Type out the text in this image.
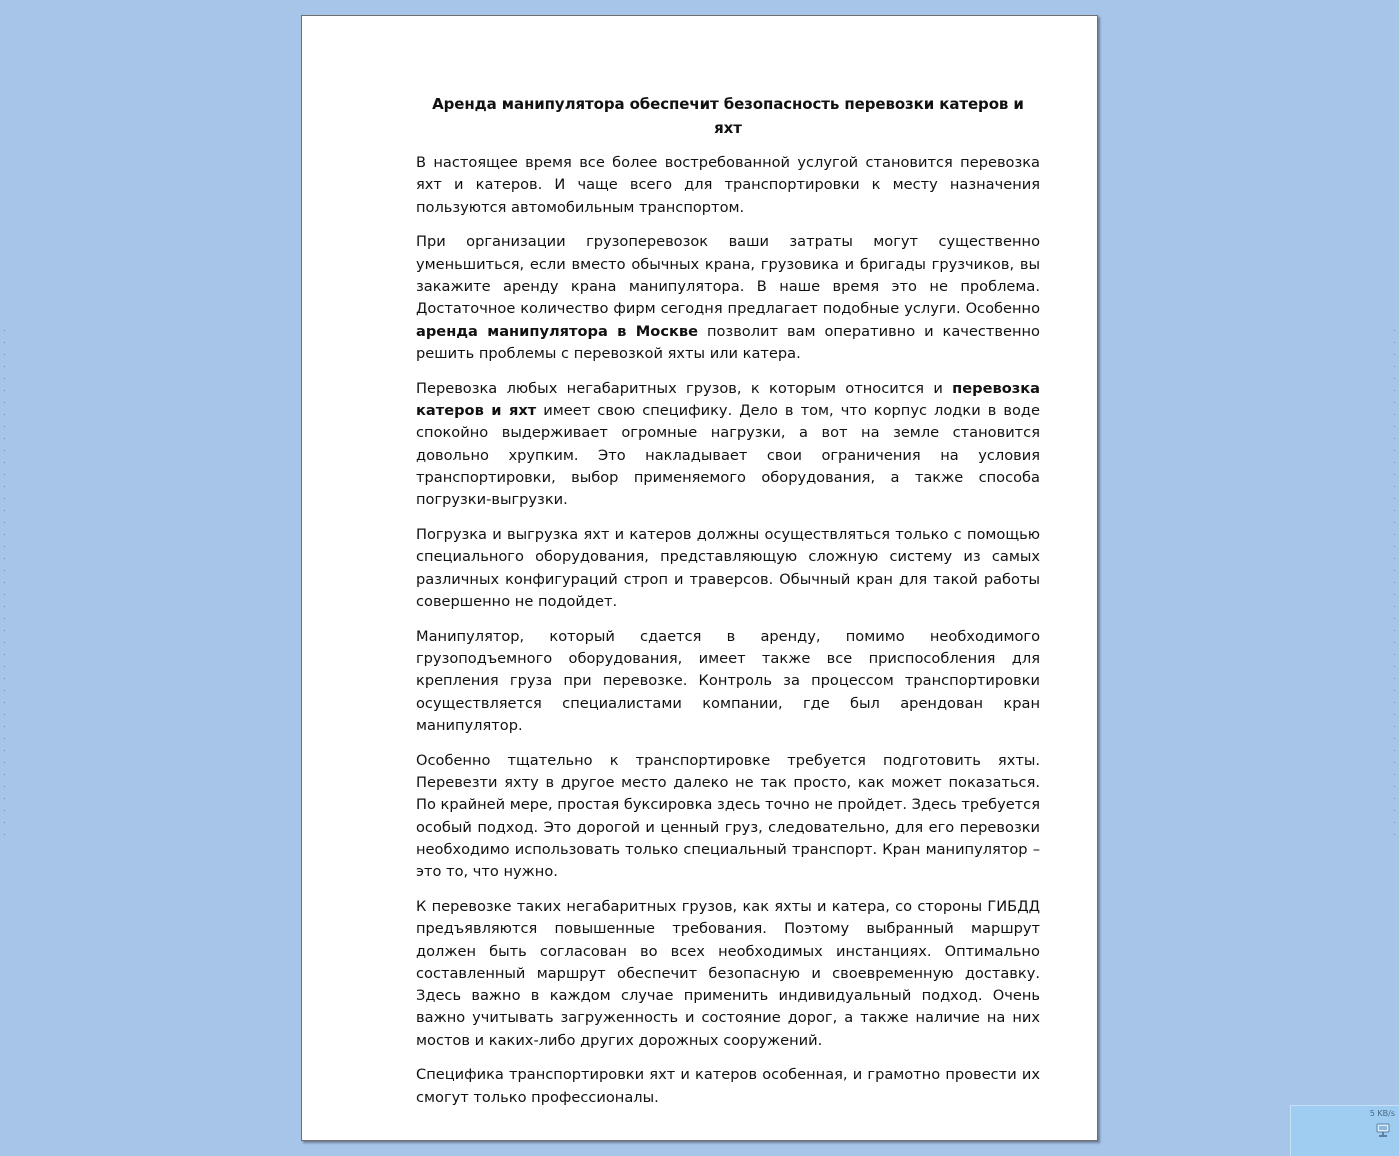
Аренда манипулятора обеспечит безопасность перевозки катеров и яхт

В настоящее время все более востребованной услугой становится перевозка яхт и катеров. И чаще всего для транспортировки к месту назначения пользуются автомобильным транспортом.

При организации грузоперевозок ваши затраты могут существенно уменьшиться, если вместо обычных крана, грузовика и бригады грузчиков, вы закажите аренду крана манипулятора. В наше время это не проблема. Достаточное количество фирм сегодня предлагает подобные услуги. Особенно аренда манипулятора в Москве позволит вам оперативно и качественно решить проблемы с перевозкой яхты или катера.

Перевозка любых негабаритных грузов, к которым относится и перевозка катеров и яхт имеет свою специфику. Дело в том, что корпус лодки в воде спокойно выдерживает огромные нагрузки, а вот на земле становится довольно хрупким. Это накладывает свои ограничения на условия транспортировки, выбор применяемого оборудования, а также способа погрузки-выгрузки.

Погрузка и выгрузка яхт и катеров должны осуществляться только с помощью специального оборудования, представляющую сложную систему из самых различных конфигураций строп и траверсов. Обычный кран для такой работы совершенно не подойдет.

Манипулятор, который сдается в аренду, помимо необходимого грузоподъемного оборудования, имеет также все приспособления для крепления груза при перевозке. Контроль за процессом транспортировки осуществляется специалистами компании, где был арендован кран манипулятор.

Особенно тщательно к транспортировке требуется подготовить яхты. Перевезти яхту в другое место далеко не так просто, как может показаться. По крайней мере, простая буксировка здесь точно не пройдет. Здесь требуется особый подход. Это дорогой и ценный груз, следовательно, для его перевозки необходимо использовать только специальный транспорт. Кран манипулятор – это то, что нужно.

К перевозке таких негабаритных грузов, как яхты и катера, со стороны ГИБДД предъявляются повышенные требования. Поэтому выбранный маршрут должен быть согласован во всех необходимых инстанциях. Оптимально составленный маршрут обеспечит безопасную и своевременную доставку. Здесь важно в каждом случае применить индивидуальный подход. Очень важно учитывать загруженность и состояние дорог, а также наличие на них мостов и каких-либо других дорожных сооружений.

Специфика транспортировки яхт и катеров особенная, и грамотно провести их смогут только профессионалы.

5 KB/s
